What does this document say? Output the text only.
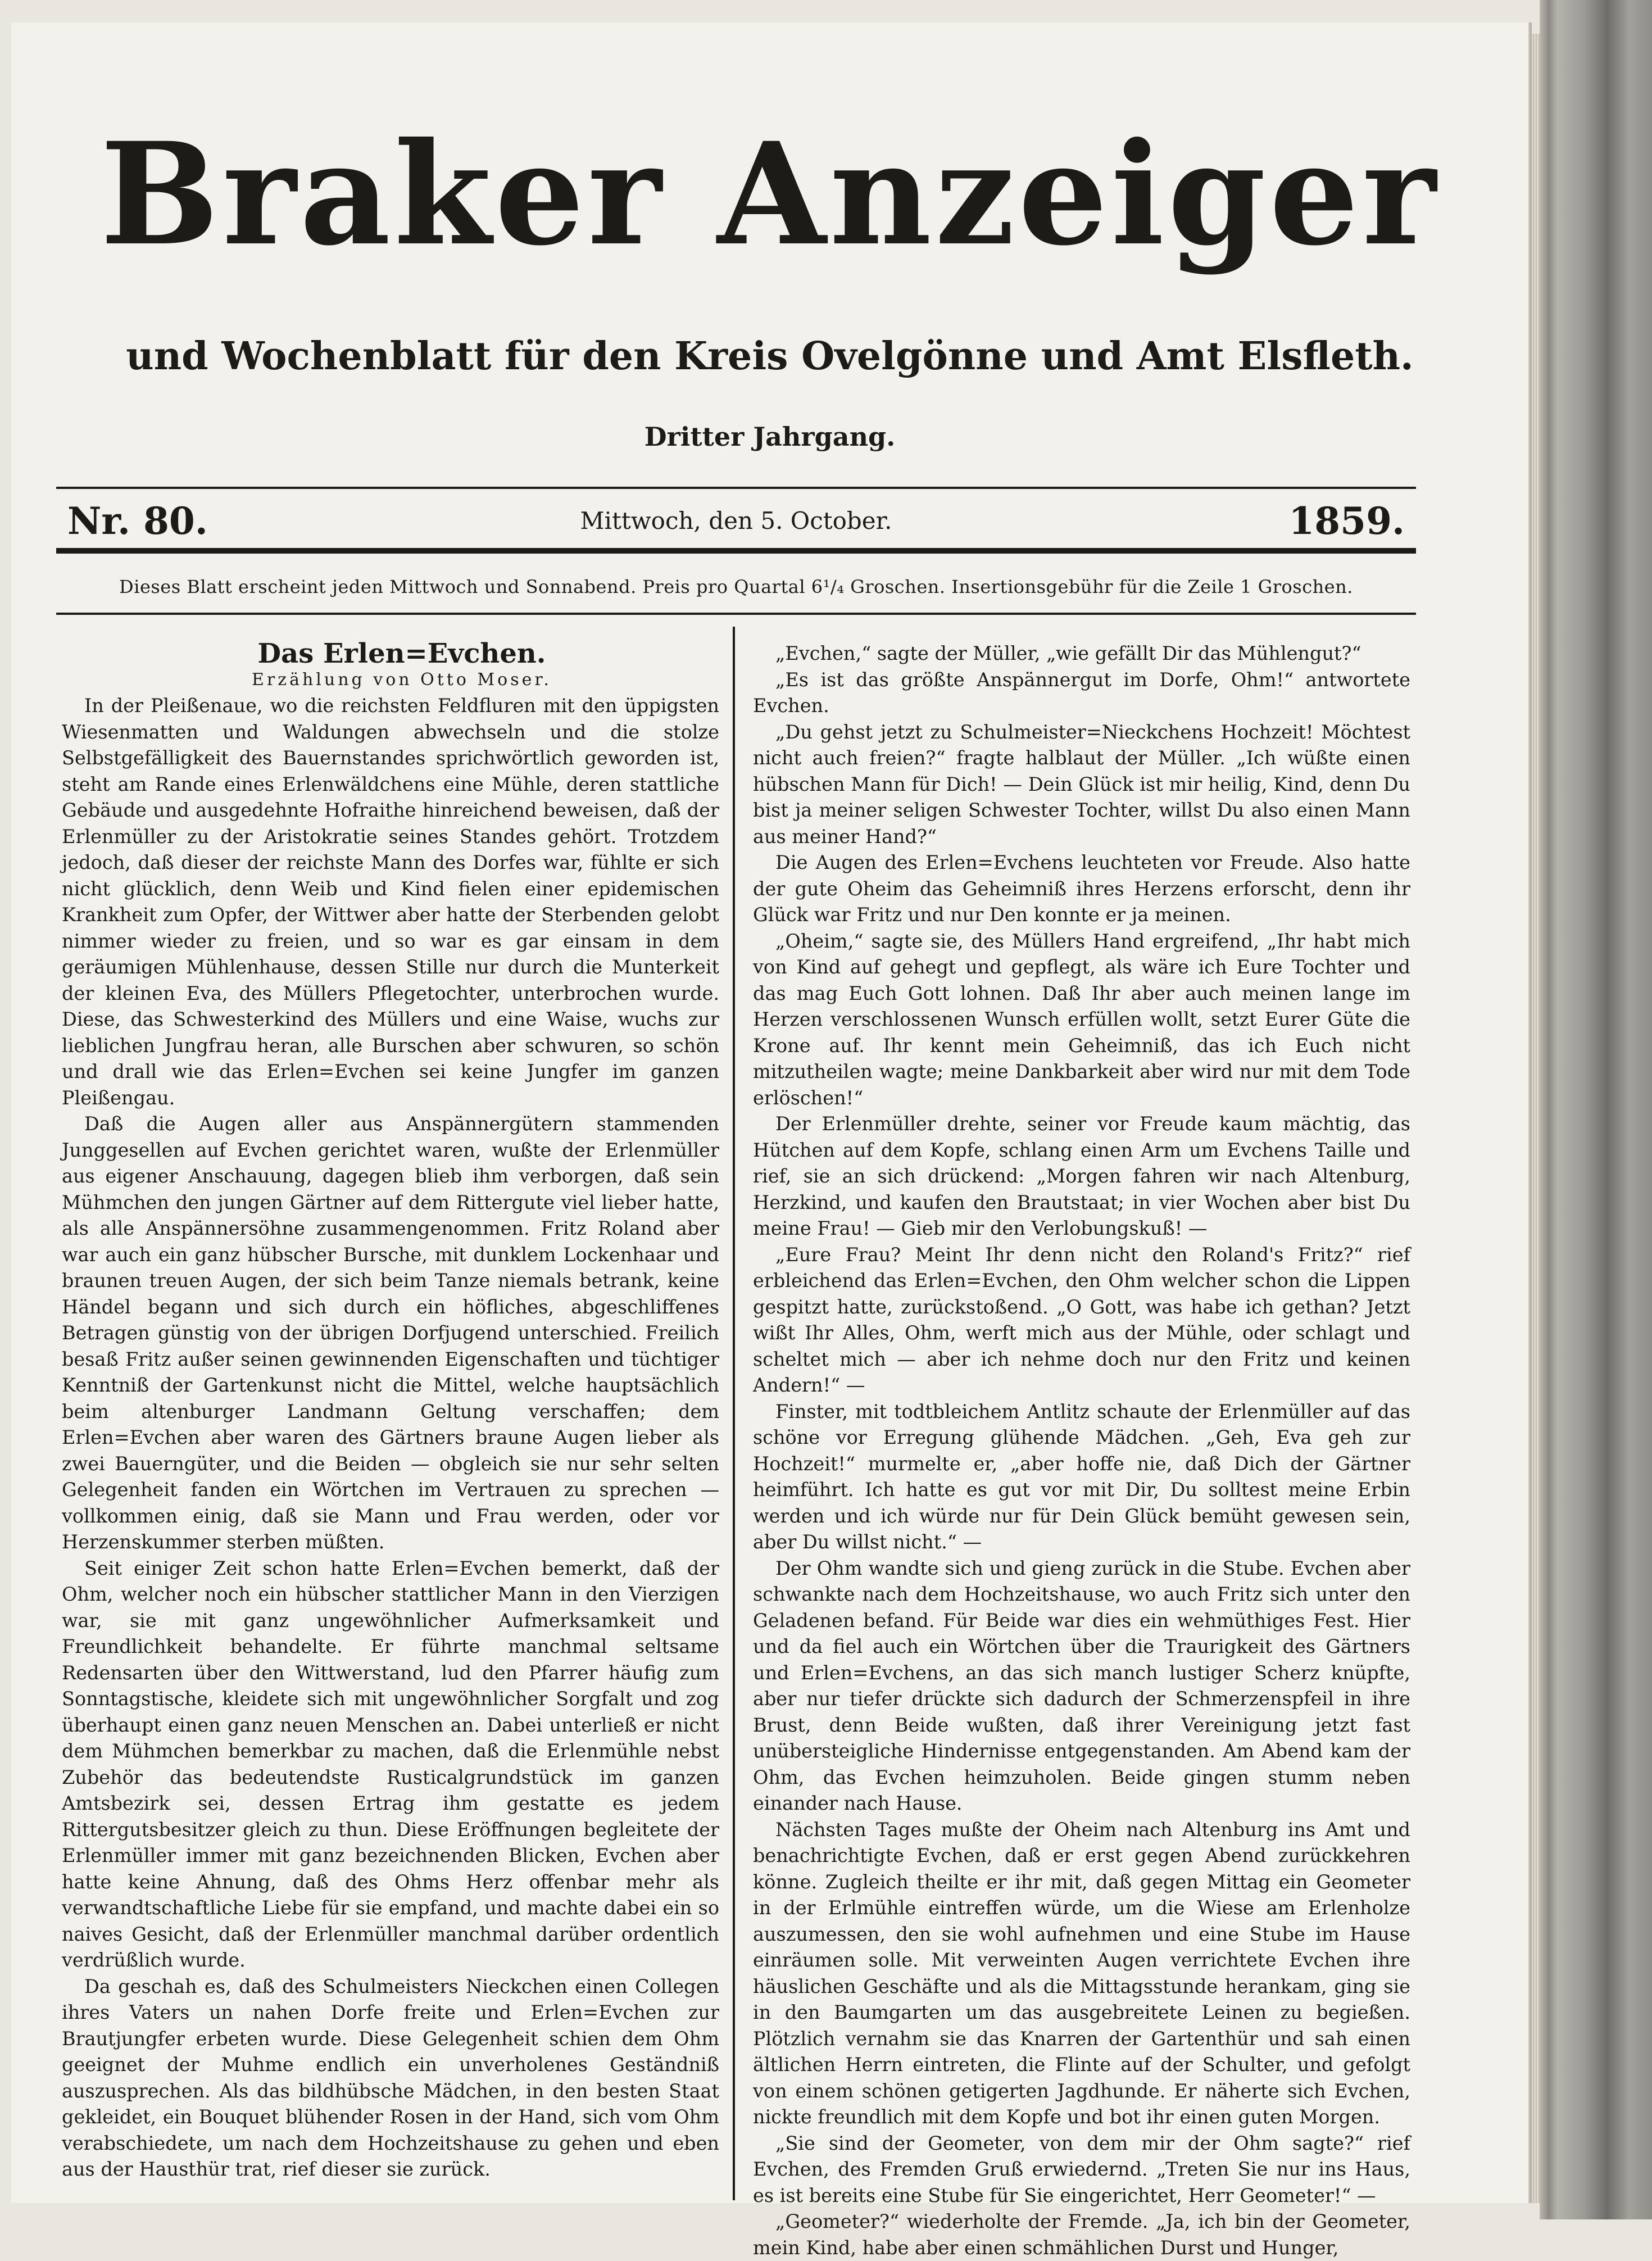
Braker Anzeiger
und Wochenblatt für den Kreis Ovelgönne und Amt Elsfleth.
Dritter Jahrgang.
Nr. 80.	Mittwoch, den 5. October.	1859.
Dieses Blatt erscheint jeden Mittwoch und Sonnabend. Preis pro Quartal 6¹/₄ Groschen. Insertionsgebühr für die Zeile 1 Groschen.

Das Erlen=Evchen.

Erzählung von Otto Moser.

In der Pleißenaue, wo die reichsten Feldfluren mit den üppigsten Wiesenmatten und Waldungen abwechseln und die stolze Selbstgefälligkeit des Bauernstandes sprichwörtlich geworden ist, steht am Rande eines Erlenwäldchens eine Mühle, deren stattliche Gebäude und ausgedehnte Hofraithe hinreichend beweisen, daß der Erlenmüller zu der Aristokratie seines Standes gehört. Trotzdem jedoch, daß dieser der reichste Mann des Dorfes war, fühlte er sich nicht glücklich, denn Weib und Kind fielen einer epidemischen Krankheit zum Opfer, der Wittwer aber hatte der Sterbenden gelobt nimmer wieder zu freien, und so war es gar einsam in dem geräumigen Mühlenhause, dessen Stille nur durch die Munterkeit der kleinen Eva, des Müllers Pflegetochter, unterbrochen wurde. Diese, das Schwesterkind des Müllers und eine Waise, wuchs zur lieblichen Jungfrau heran, alle Burschen aber schwuren, so schön und drall wie das Erlen=Evchen sei keine Jungfer im ganzen Pleißengau.

Daß die Augen aller aus Anspännergütern stammenden Junggesellen auf Evchen gerichtet waren, wußte der Erlenmüller aus eigener Anschauung, dagegen blieb ihm verborgen, daß sein Mühmchen den jungen Gärtner auf dem Rittergute viel lieber hatte, als alle Anspännersöhne zusammengenommen. Fritz Roland aber war auch ein ganz hübscher Bursche, mit dunklem Lockenhaar und braunen treuen Augen, der sich beim Tanze niemals betrank, keine Händel begann und sich durch ein höfliches, abgeschliffenes Betragen günstig von der übrigen Dorfjugend unterschied. Freilich besaß Fritz außer seinen gewinnenden Eigenschaften und tüchtiger Kenntniß der Gartenkunst nicht die Mittel, welche hauptsächlich beim altenburger Landmann Geltung verschaffen; dem Erlen=Evchen aber waren des Gärtners braune Augen lieber als zwei Bauerngüter, und die Beiden — obgleich sie nur sehr selten Gelegenheit fanden ein Wörtchen im Vertrauen zu sprechen — vollkommen einig, daß sie Mann und Frau werden, oder vor Herzenskummer sterben müßten.

Seit einiger Zeit schon hatte Erlen=Evchen bemerkt, daß der Ohm, welcher noch ein hübscher stattlicher Mann in den Vierzigen war, sie mit ganz ungewöhnlicher Aufmerksamkeit und Freundlichkeit behandelte. Er führte manchmal seltsame Redensarten über den Wittwerstand, lud den Pfarrer häufig zum Sonntagstische, kleidete sich mit ungewöhnlicher Sorgfalt und zog überhaupt einen ganz neuen Menschen an. Dabei unterließ er nicht dem Mühmchen bemerkbar zu machen, daß die Erlenmühle nebst Zubehör das bedeutendste Rusticalgrundstück im ganzen Amtsbezirk sei, dessen Ertrag ihm gestatte es jedem Rittergutsbesitzer gleich zu thun. Diese Eröffnungen begleitete der Erlenmüller immer mit ganz bezeichnenden Blicken, Evchen aber hatte keine Ahnung, daß des Ohms Herz offenbar mehr als verwandtschaftliche Liebe für sie empfand, und machte dabei ein so naives Gesicht, daß der Erlenmüller manchmal darüber ordentlich verdrüßlich wurde.

Da geschah es, daß des Schulmeisters Nieckchen einen Collegen ihres Vaters un nahen Dorfe freite und Erlen=Evchen zur Brautjungfer erbeten wurde. Diese Gelegenheit schien dem Ohm geeignet der Muhme endlich ein unverholenes Geständniß auszusprechen. Als das bildhübsche Mädchen, in den besten Staat gekleidet, ein Bouquet blühender Rosen in der Hand, sich vom Ohm verabschiedete, um nach dem Hochzeitshause zu gehen und eben aus der Hausthür trat, rief dieser sie zurück.

„Evchen,“ sagte der Müller, „wie gefällt Dir das Mühlengut?“

„Es ist das größte Anspännergut im Dorfe, Ohm!“ antwortete Evchen.

„Du gehst jetzt zu Schulmeister=Nieckchens Hochzeit! Möchtest nicht auch freien?“ fragte halblaut der Müller. „Ich wüßte einen hübschen Mann für Dich! — Dein Glück ist mir heilig, Kind, denn Du bist ja meiner seligen Schwester Tochter, willst Du also einen Mann aus meiner Hand?“

Die Augen des Erlen=Evchens leuchteten vor Freude. Also hatte der gute Oheim das Geheimniß ihres Herzens erforscht, denn ihr Glück war Fritz und nur Den konnte er ja meinen.

„Oheim,“ sagte sie, des Müllers Hand ergreifend, „Ihr habt mich von Kind auf gehegt und gepflegt, als wäre ich Eure Tochter und das mag Euch Gott lohnen. Daß Ihr aber auch meinen lange im Herzen verschlossenen Wunsch erfüllen wollt, setzt Eurer Güte die Krone auf. Ihr kennt mein Geheimniß, das ich Euch nicht mitzutheilen wagte; meine Dankbarkeit aber wird nur mit dem Tode erlöschen!“

Der Erlenmüller drehte, seiner vor Freude kaum mächtig, das Hütchen auf dem Kopfe, schlang einen Arm um Evchens Taille und rief, sie an sich drückend: „Morgen fahren wir nach Altenburg, Herzkind, und kaufen den Brautstaat; in vier Wochen aber bist Du meine Frau! — Gieb mir den Verlobungskuß! —

„Eure Frau? Meint Ihr denn nicht den Roland's Fritz?“ rief erbleichend das Erlen=Evchen, den Ohm welcher schon die Lippen gespitzt hatte, zurückstoßend. „O Gott, was habe ich gethan? Jetzt wißt Ihr Alles, Ohm, werft mich aus der Mühle, oder schlagt und scheltet mich — aber ich nehme doch nur den Fritz und keinen Andern!“ —

Finster, mit todtbleichem Antlitz schaute der Erlenmüller auf das schöne vor Erregung glühende Mädchen. „Geh, Eva geh zur Hochzeit!“ murmelte er, „aber hoffe nie, daß Dich der Gärtner heimführt. Ich hatte es gut vor mit Dir, Du solltest meine Erbin werden und ich würde nur für Dein Glück bemüht gewesen sein, aber Du willst nicht.“ —

Der Ohm wandte sich und gieng zurück in die Stube. Evchen aber schwankte nach dem Hochzeitshause, wo auch Fritz sich unter den Geladenen befand. Für Beide war dies ein wehmüthiges Fest. Hier und da fiel auch ein Wörtchen über die Traurigkeit des Gärtners und Erlen=Evchens, an das sich manch lustiger Scherz knüpfte, aber nur tiefer drückte sich dadurch der Schmerzenspfeil in ihre Brust, denn Beide wußten, daß ihrer Vereinigung jetzt fast unübersteigliche Hindernisse entgegenstanden. Am Abend kam der Ohm, das Evchen heimzuholen. Beide gingen stumm neben einander nach Hause.

Nächsten Tages mußte der Oheim nach Altenburg ins Amt und benachrichtigte Evchen, daß er erst gegen Abend zurückkehren könne. Zugleich theilte er ihr mit, daß gegen Mittag ein Geometer in der Erlmühle eintreffen würde, um die Wiese am Erlenholze auszumessen, den sie wohl aufnehmen und eine Stube im Hause einräumen solle. Mit verweinten Augen verrichtete Evchen ihre häuslichen Geschäfte und als die Mittagsstunde herankam, ging sie in den Baumgarten um das ausgebreitete Leinen zu begießen. Plötzlich vernahm sie das Knarren der Gartenthür und sah einen ältlichen Herrn eintreten, die Flinte auf der Schulter, und gefolgt von einem schönen getigerten Jagdhunde. Er näherte sich Evchen, nickte freundlich mit dem Kopfe und bot ihr einen guten Morgen.

„Sie sind der Geometer, von dem mir der Ohm sagte?“ rief Evchen, des Fremden Gruß erwiedernd. „Treten Sie nur ins Haus, es ist bereits eine Stube für Sie eingerichtet, Herr Geometer!“ —

„Geometer?“ wiederholte der Fremde. „Ja, ich bin der Geometer, mein Kind, habe aber einen schmählichen Durst und Hunger,
